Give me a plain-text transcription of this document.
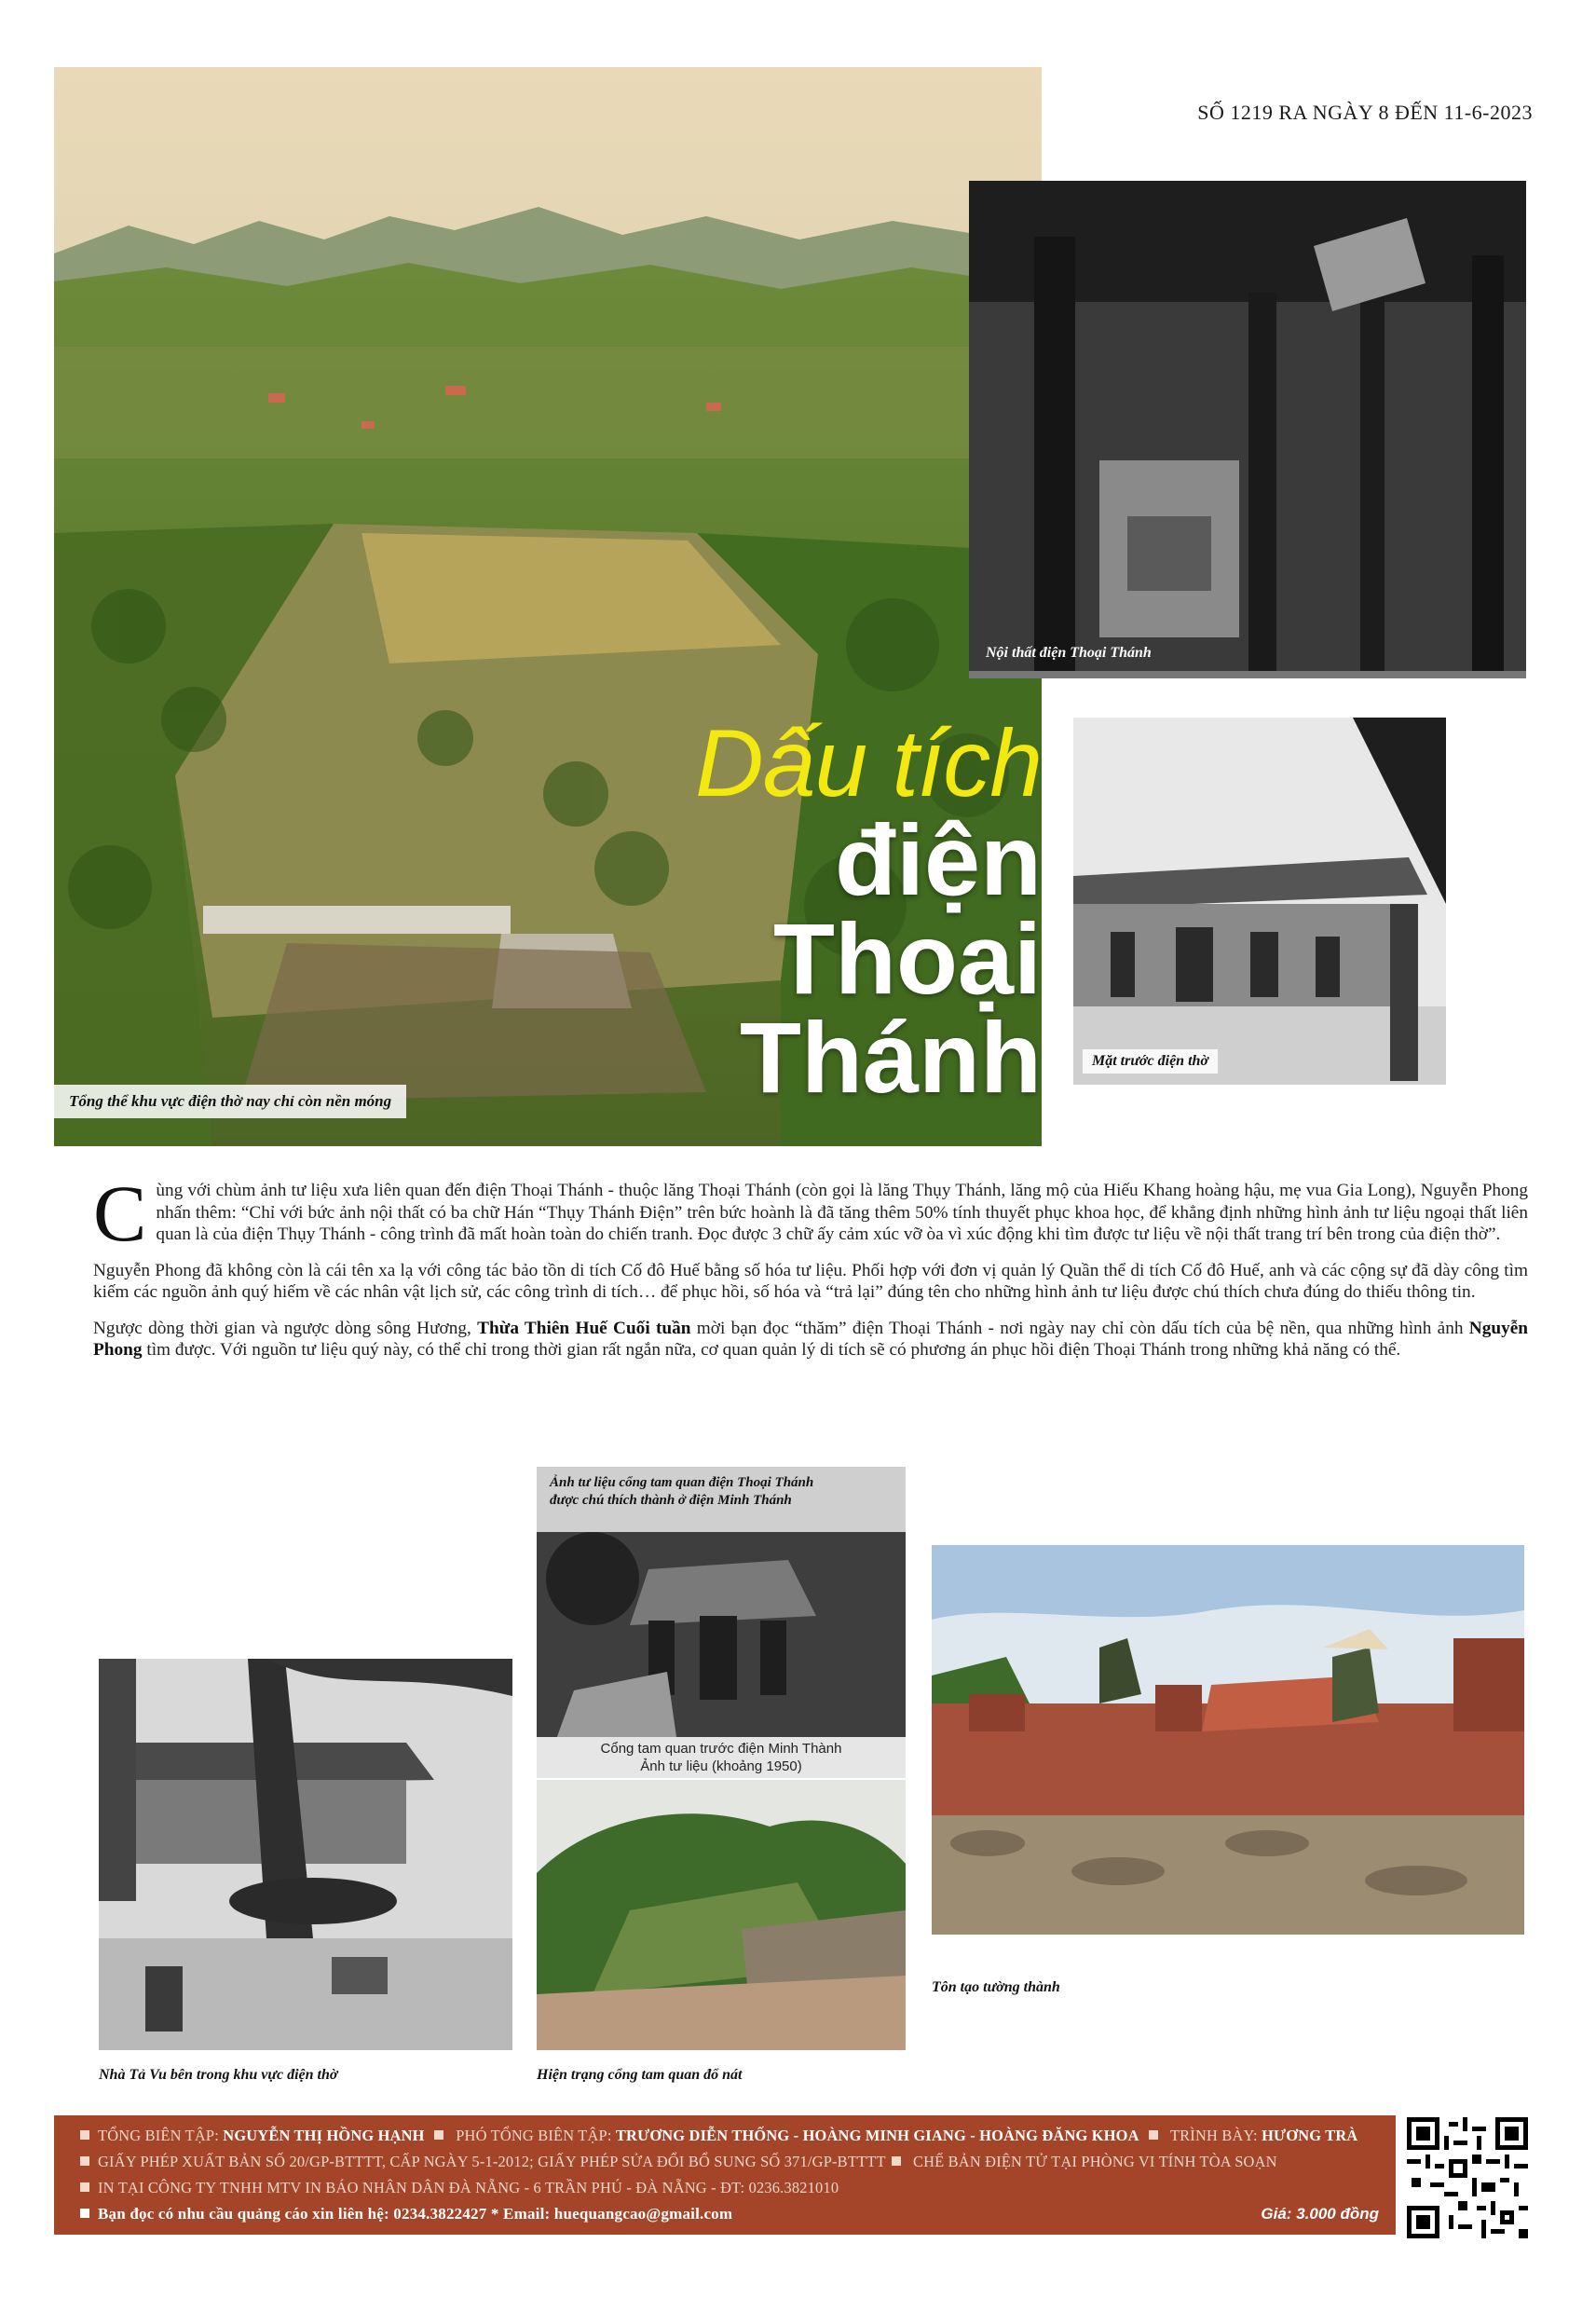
SỐ 1219 RA NGÀY 8 ĐẾN 11-6-2023
Tổng thể khu vực điện thờ nay chỉ còn nền móng
Dấu tích
điện
Thoại
Thánh
Nội thất điện Thoại Thánh
Mặt trước điện thờ

Cùng với chùm ảnh tư liệu xưa liên quan đến điện Thoại Thánh - thuộc lăng Thoại Thánh (còn gọi là lăng Thụy Thánh, lăng mộ của Hiếu Khang hoàng hậu, mẹ vua Gia Long), Nguyễn Phong nhấn thêm: “Chỉ với bức ảnh nội thất có ba chữ Hán “Thụy Thánh Điện” trên bức hoành là đã tăng thêm 50% tính thuyết phục khoa học, để khẳng định những hình ảnh tư liệu ngoại thất liên quan là của điện Thụy Thánh - công trình đã mất hoàn toàn do chiến tranh. Đọc được 3 chữ ấy cảm xúc vỡ òa vì xúc động khi tìm được tư liệu về nội thất trang trí bên trong của điện thờ”.

Nguyễn Phong đã không còn là cái tên xa lạ với công tác bảo tồn di tích Cố đô Huế bằng số hóa tư liệu. Phối hợp với đơn vị quản lý Quần thể di tích Cố đô Huế, anh và các cộng sự đã dày công tìm kiếm các nguồn ảnh quý hiếm về các nhân vật lịch sử, các công trình di tích… để phục hồi, số hóa và “trả lại” đúng tên cho những hình ảnh tư liệu được chú thích chưa đúng do thiếu thông tin.

Ngược dòng thời gian và ngược dòng sông Hương, Thừa Thiên Huế Cuối tuần mời bạn đọc “thăm” điện Thoại Thánh - nơi ngày nay chỉ còn dấu tích của bệ nền, qua những hình ảnh Nguyễn Phong tìm được. Với nguồn tư liệu quý này, có thể chỉ trong thời gian rất ngắn nữa, cơ quan quản lý di tích sẽ có phương án phục hồi điện Thoại Thánh trong những khả năng có thể.

Nhà Tả Vu bên trong khu vực điện thờ
Ảnh tư liệu cổng tam quan điện Thoại Thánh
được chú thích thành ở điện Minh Thánh
Cổng tam quan trước điện Minh Thành
Ảnh tư liệu (khoảng 1950)
Hiện trạng cổng tam quan đổ nát
Tôn tạo tường thành
TỔNG BIÊN TẬP: NGUYỄN THỊ HỒNG HẠNH  PHÓ TỔNG BIÊN TẬP: TRƯƠNG DIỄN THỐNG - HOÀNG MINH GIANG - HOÀNG ĐĂNG KHOA  TRÌNH BÀY: HƯƠNG TRÀ
GIẤY PHÉP XUẤT BẢN SỐ 20/GP-BTTTT, CẤP NGÀY 5-1-2012; GIẤY PHÉP SỬA ĐỔI BỔ SUNG SỐ 371/GP-BTTTT CHẾ BẢN ĐIỆN TỬ TẠI PHÒNG VI TÍNH TÒA SOẠN
IN TẠI CÔNG TY TNHH MTV IN BÁO NHÂN DÂN ĐÀ NẴNG - 6 TRẦN PHÚ - ĐÀ NẴNG - ĐT: 0236.3821010
Bạn đọc có nhu cầu quảng cáo xin liên hệ: 0234.3822427 * Email: huequangcao@gmail.com	Giá: 3.000 đồng
